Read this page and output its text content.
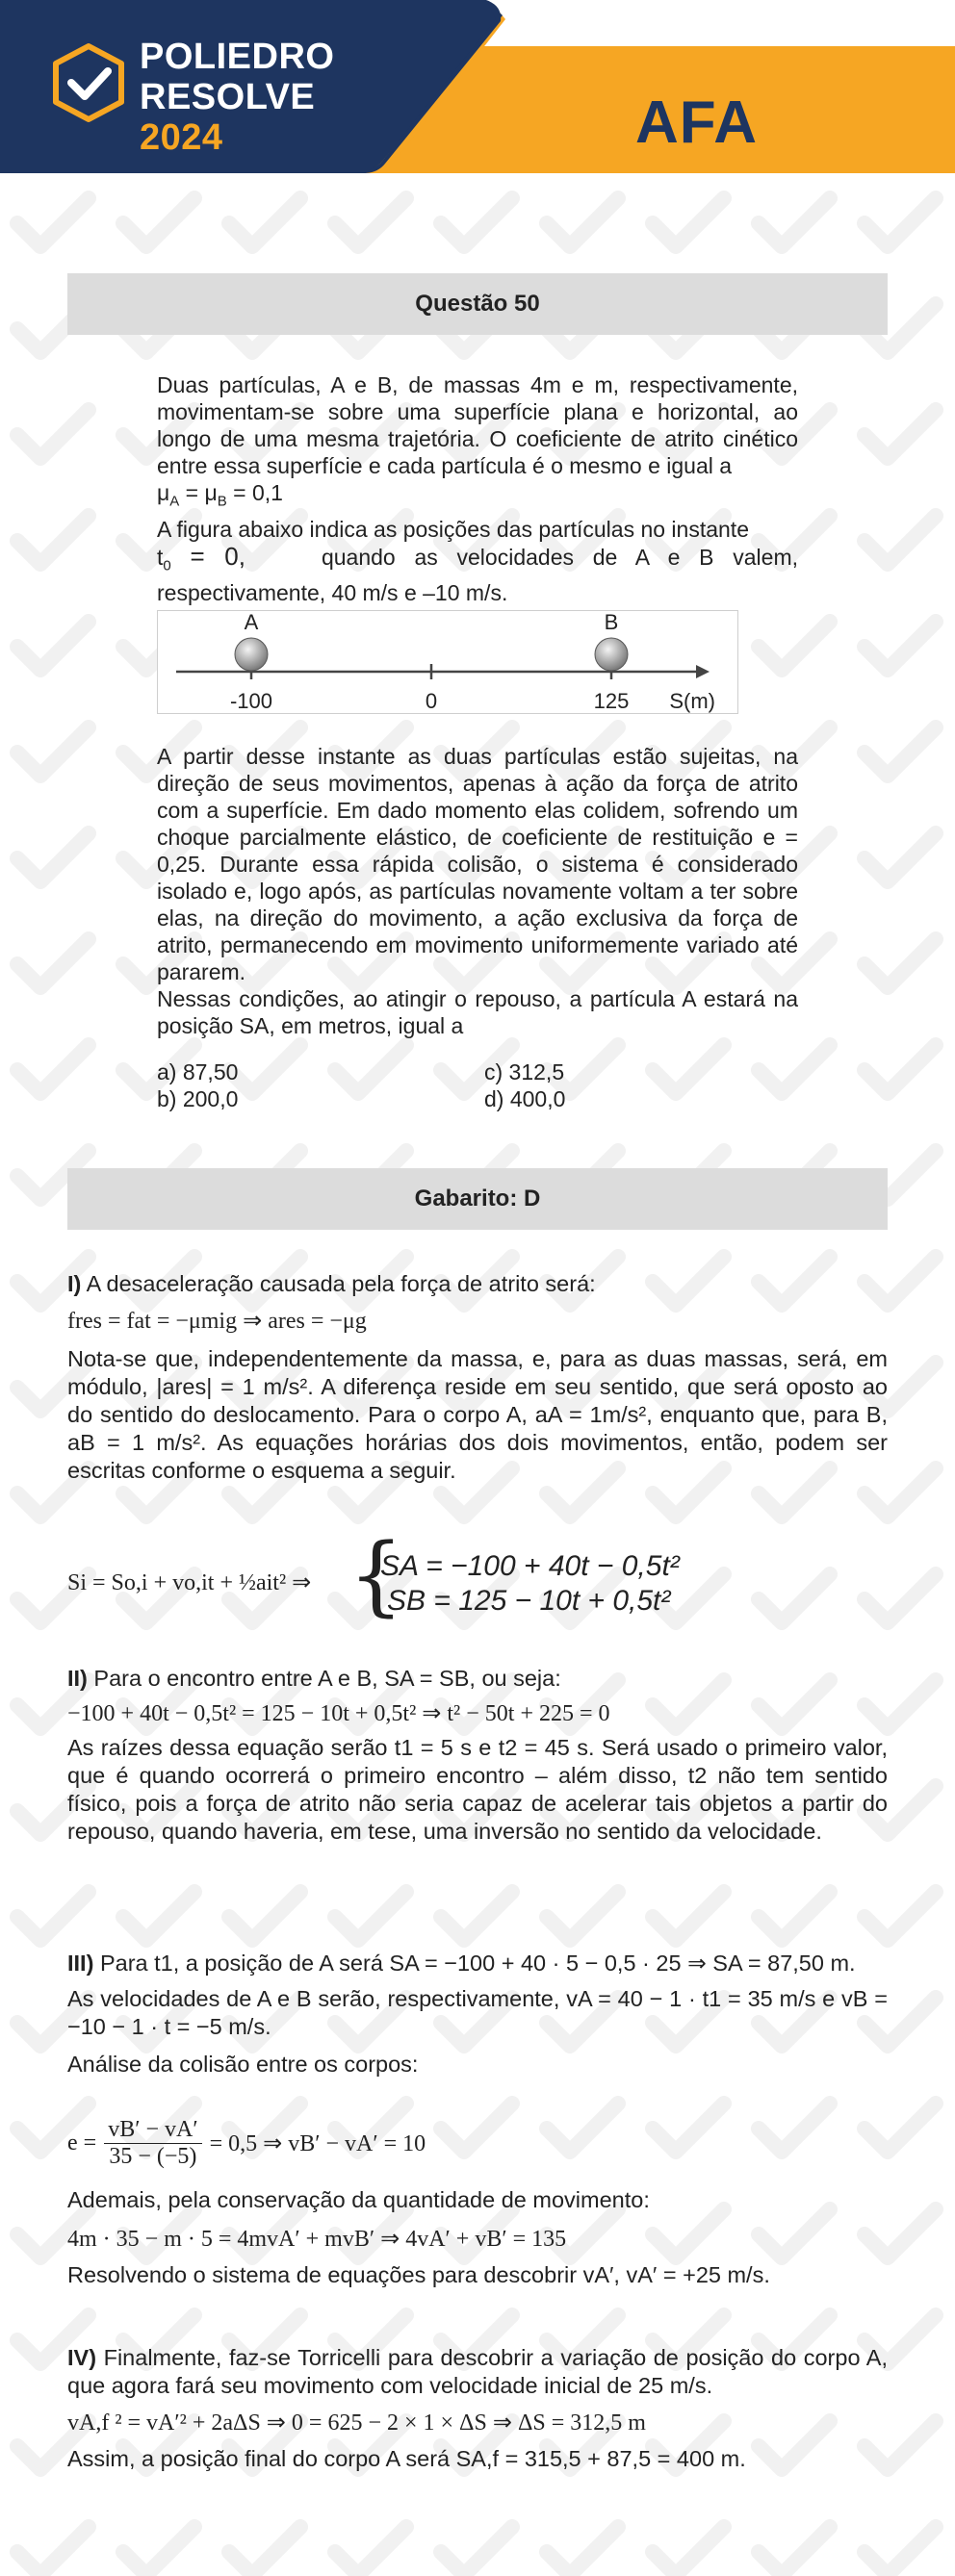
POLIEDRO
RESOLVE
2024	AFA
Questão 50

Duas partículas, A e B, de massas 4m e m, respectivamente, movimentam-se sobre uma superfície plana e horizontal, ao longo de uma mesma trajetória. O coeficiente de atrito cinético entre essa superfície e cada partícula é o mesmo e igual a

$\mu_A = \mu_B = 0,1$

A figura abaixo indica as posições das partículas no instante

$t_0 = 0$,	quando as velocidades de A e B valem, respectivamente, 40 m/s e –10 m/s.

A	B
-100	0	125 S(m)

A partir desse instante as duas partículas estão sujeitas, na direção de seus movimentos, apenas à ação da força de atrito com a superfície. Em dado momento elas colidem, sofrendo um choque parcialmente elástico, de coeficiente de restituição e = 0,25. Durante essa rápida colisão, o sistema é considerado isolado e, logo após, as partículas novamente voltam a ter sobre elas, na direção do movimento, a ação exclusiva da força de atrito, permanecendo em movimento uniformemente variado até pararem.

Nessas condições, ao atingir o repouso, a partícula A estará na posição SA, em metros, igual a

a) 87,50
b) 200,0
c) 312,5
d) 400,0
Gabarito: D

I) A desaceleração causada pela força de atrito será:

fres = fat = −μmig ⇒ ares = −μg

Nota-se que, independentemente da massa, e, para as duas massas, será, em módulo, |ares| = 1 m/s². A diferença reside em seu sentido, que será oposto ao do sentido do deslocamento. Para o corpo A, aA = 1m/s², enquanto que, para B, aB = 1 m/s². As equações horárias dos dois movimentos, então, podem ser escritas conforme o esquema a seguir.

Si = So,i + vo,it + ½ait² ⇒ {
SA = −100 + 40t − 0,5t²
SB = 125 − 10t + 0,5t²

II) Para o encontro entre A e B, SA = SB, ou seja:

−100 + 40t − 0,5t² = 125 − 10t + 0,5t² ⇒ t² − 50t + 225 = 0

As raízes dessa equação serão t1 = 5 s e t2 = 45 s. Será usado o primeiro valor, que é quando ocorrerá o primeiro encontro – além disso, t2 não tem sentido físico, pois a força de atrito não seria capaz de acelerar tais objetos a partir do repouso, quando haveria, em tese, uma inversão no sentido da velocidade.

III) Para t1, a posição de A será SA = −100 + 40 · 5 − 0,5 · 25 ⇒ SA = 87,50 m.

As velocidades de A e B serão, respectivamente, vA = 40 − 1 · t1 = 35 m/s e vB = −10 − 1 · t = −5 m/s.

Análise da colisão entre os corpos:

$e = \frac{vB' - vA'}{35 - (-5)} = 0,5$ ⇒ vB′ − vA′ = 10

Ademais, pela conservação da quantidade de movimento:

4m · 35 − m · 5 = 4mvA′ + mvB′ ⇒ 4vA′ + vB′ = 135

Resolvendo o sistema de equações para descobrir vA′, vA′ = +25 m/s.

IV) Finalmente, faz-se Torricelli para descobrir a variação de posição do corpo A, que agora fará seu movimento com velocidade inicial de 25 m/s.

vA,f ² = vA′² + 2aΔS ⇒ 0 = 625 − 2 × 1 × ΔS ⇒ ΔS = 312,5 m

Assim, a posição final do corpo A será SA,f = 315,5 + 87,5 = 400 m.
